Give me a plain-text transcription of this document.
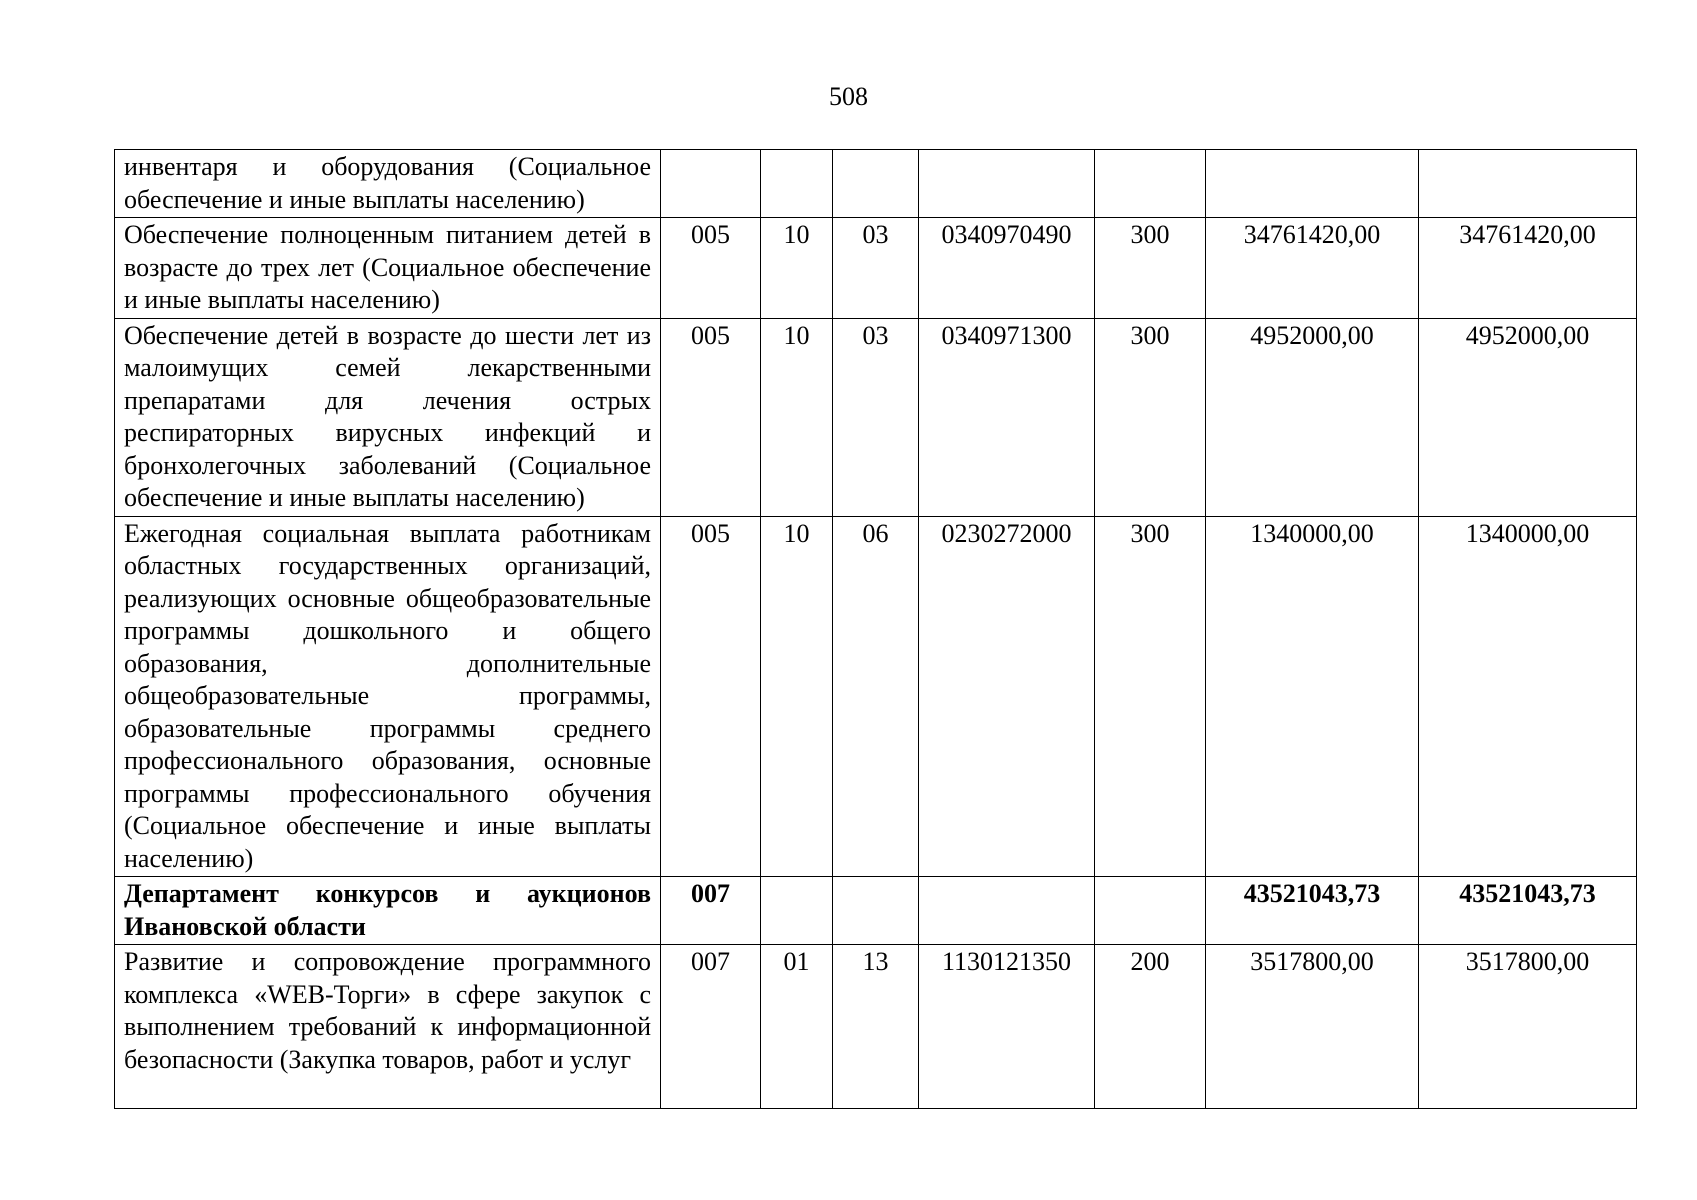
508
инвентаря и оборудования (Социальное обеспечение и иные выплаты населению)							
Обеспечение полноценным питанием детей в возрасте до трех лет (Социальное обеспечение и иные выплаты населению)	005	10	03	0340970490	300	34761420,00	34761420,00
Обеспечение детей в возрасте до шести лет из малоимущих семей лекарственными препаратами для лечения острых респираторных вирусных инфекций и бронхолегочных заболеваний (Социальное обеспечение и иные выплаты населению)	005	10	03	0340971300	300	4952000,00	4952000,00
Ежегодная социальная выплата работникам областных государственных организаций, реализующих основные общеобразовательные программы дошкольного и общего образования, дополнительные общеобразовательные программы, образовательные программы среднего профессионального образования, основные программы профессионального обучения (Социальное обеспечение и иные выплаты населению)	005	10	06	0230272000	300	1340000,00	1340000,00
Департамент конкурсов и аукционов Ивановской области	007					43521043,73	43521043,73
Развитие и сопровождение программного комплекса «WEB-Торги» в сфере закупок с выполнением требований к информационной безопасности (Закупка товаров, работ и услуг	007	01	13	1130121350	200	3517800,00	3517800,00
